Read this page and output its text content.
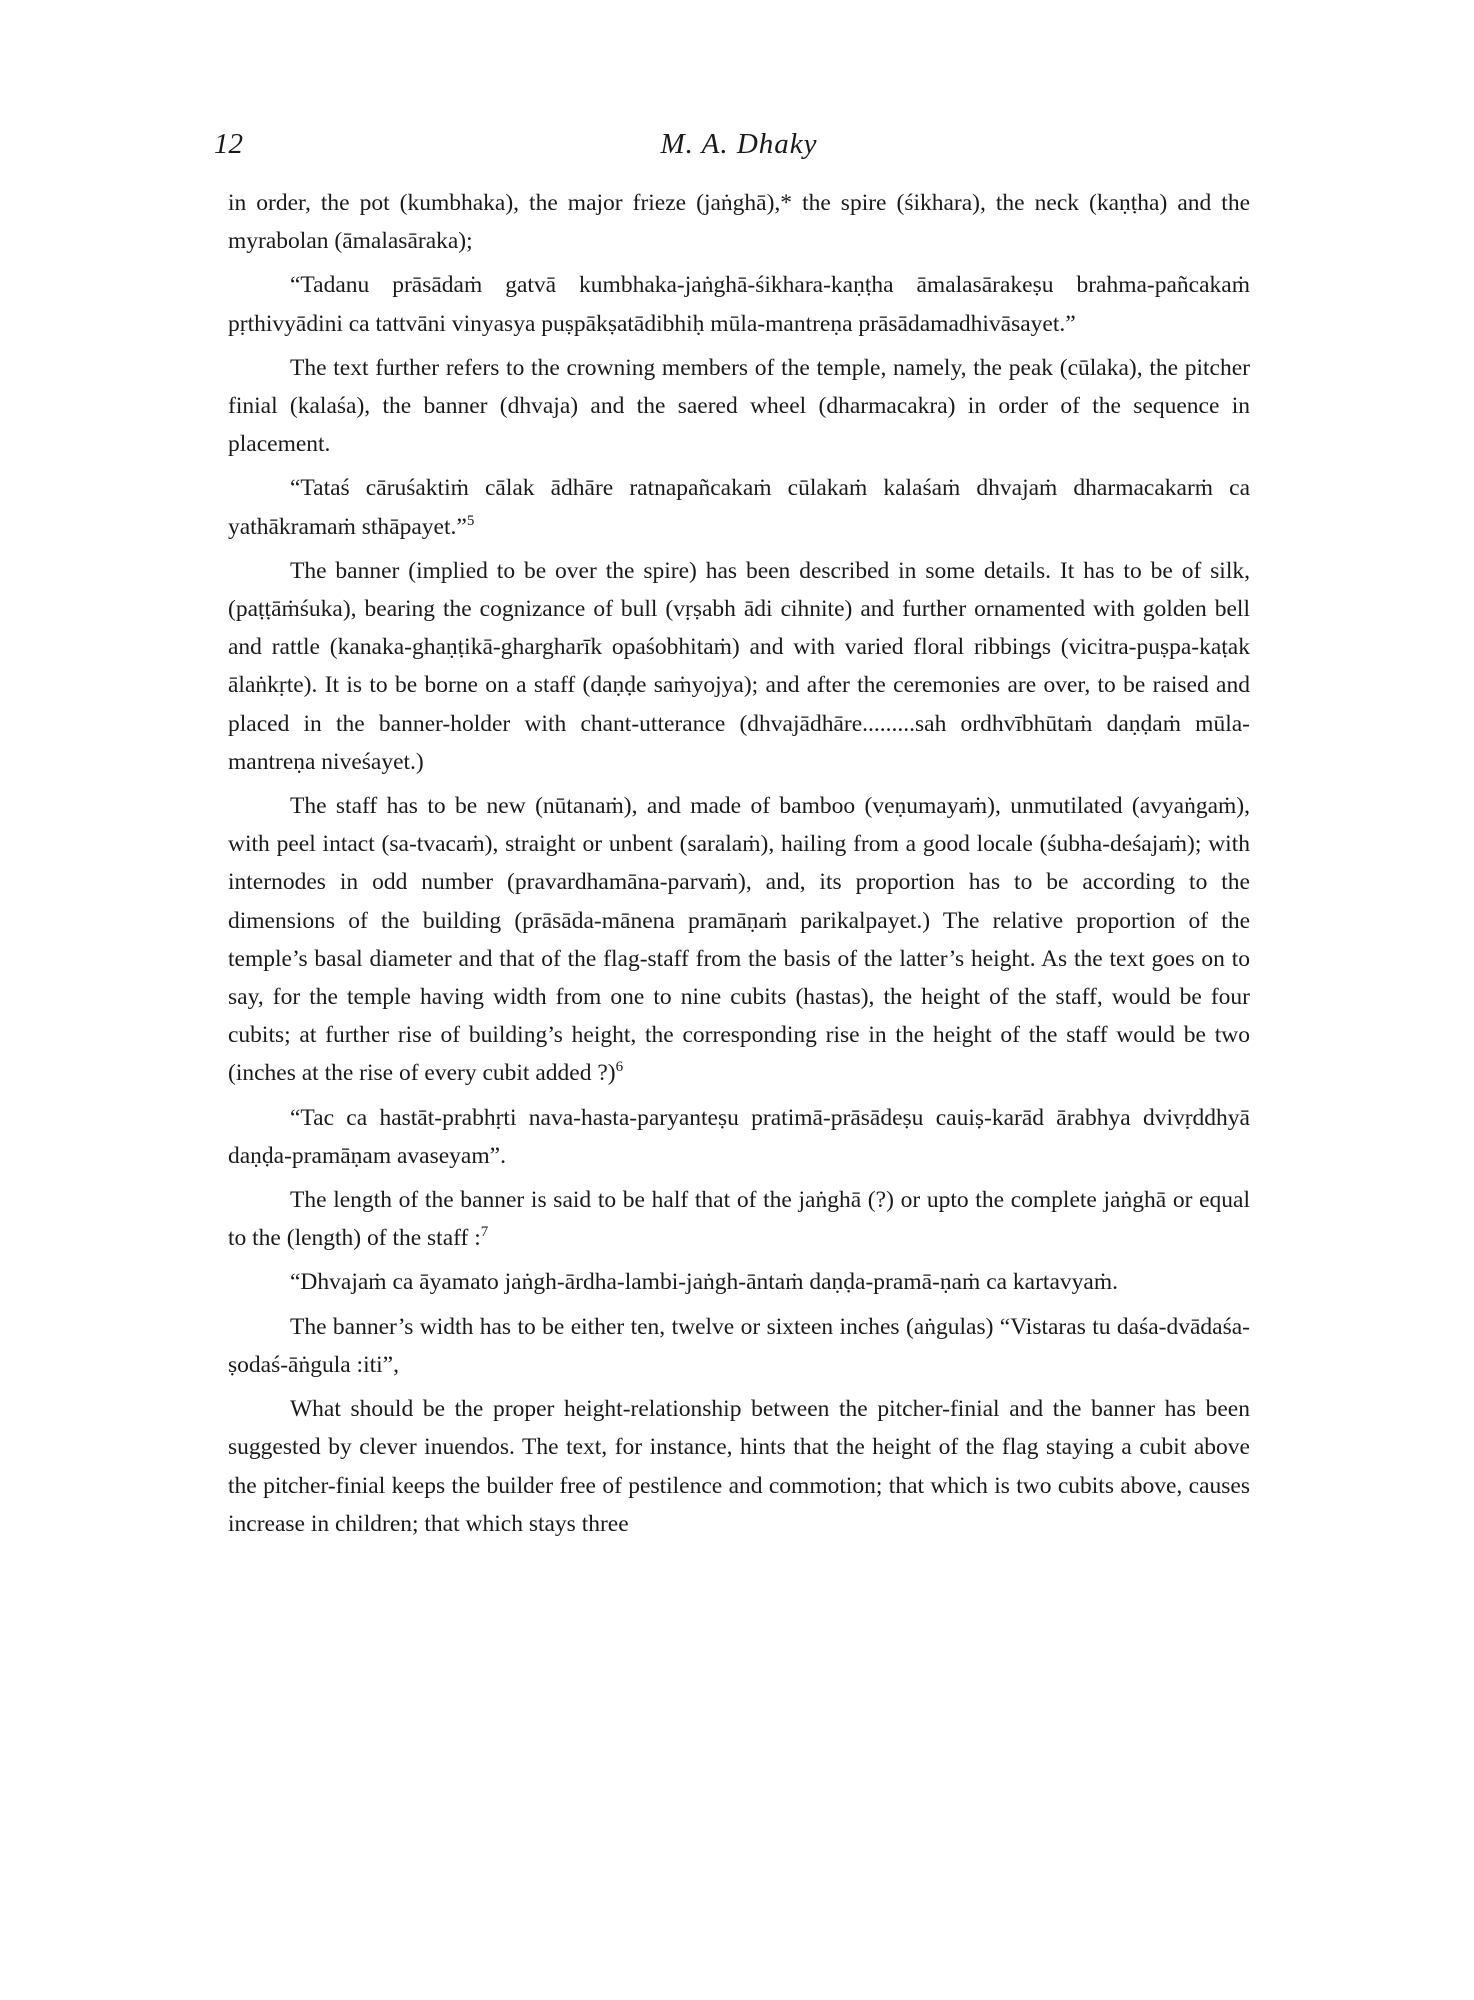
12	M. A. Dhaky

in order, the pot (kumbhaka), the major frieze (jaṅghā),* the spire (śikhara), the neck (kaṇṭha) and the myrabolan (āmalasāraka);

“Tadanu prāsādaṁ gatvā kumbhaka-jaṅghā-śikhara-kaṇṭha āmalasārakeṣu brahma-pañcakaṁ pṛthivyādini ca tattvāni vinyasya puṣpākṣatādibhiḥ mūla-mantreṇa prāsādamadhivāsayet.”

The text further refers to the crowning members of the temple, namely, the peak (cūlaka), the pitcher finial (kalaśa), the banner (dhvaja) and the saered wheel (dharmacakra) in order of the sequence in placement.

“Tataś cāruśaktiṁ cālak ādhāre ratnapañcakaṁ cūlakaṁ kalaśaṁ dhvajaṁ dharmacakarṁ ca yathākramaṁ sthāpayet.”$^5$

The banner (implied to be over the spire) has been described in some details. It has to be of silk, (paṭṭāṁśuka), bearing the cognizance of bull (vṛṣabh ādi cihnite) and further ornamented with golden bell and rattle (kanaka-ghaṇṭikā-ghargharīk opaśobhitaṁ) and with varied floral ribbings (vicitra-puṣpa-kaṭak ālaṅkṛte). It is to be borne on a staff (daṇḍe saṁyojya); and after the ceremonies are over, to be raised and placed in the banner-holder with chant-utterance (dhvajādhāre.........sah ordhvībhūtaṁ daṇḍaṁ mūla-mantreṇa niveśayet.)

The staff has to be new (nūtanaṁ), and made of bamboo (veṇumayaṁ), unmutilated (avyaṅgaṁ), with peel intact (sa-tvacaṁ), straight or unbent (saralaṁ), hailing from a good locale (śubha-deśajaṁ); with internodes in odd number (pravardhamāna-parvaṁ), and, its proportion has to be according to the dimensions of the building (prāsāda-mānena pramāṇaṁ parikalpayet.) The relative proportion of the temple’s basal diameter and that of the flag-staff from the basis of the latter’s height. As the text goes on to say, for the temple having width from one to nine cubits (hastas), the height of the staff, would be four cubits; at further rise of building’s height, the corresponding rise in the height of the staff would be two (inches at the rise of every cubit added ?)$^6$

“Tac ca hastāt-prabhṛti nava-hasta-paryanteṣu pratimā-prāsādeṣu cauiṣ-karād ārabhya dvivṛddhyā daṇḍa-pramāṇam avaseyam”.

The length of the banner is said to be half that of the jaṅghā (?) or upto the complete jaṅghā or equal to the (length) of the staff :$^7$

“Dhvajaṁ ca āyamato jaṅgh-ārdha-lambi-jaṅgh-āntaṁ daṇḍa-pramā-ṇaṁ ca kartavyaṁ.

The banner’s width has to be either ten, twelve or sixteen inches (aṅgulas) “Vistaras tu daśa-dvādaśa-ṣodaś-āṅgula :iti”,

What should be the proper height-relationship between the pitcher-finial and the banner has been suggested by clever inuendos. The text, for instance, hints that the height of the flag staying a cubit above the pitcher-finial keeps the builder free of pestilence and commotion; that which is two cubits above, causes increase in children; that which stays three
